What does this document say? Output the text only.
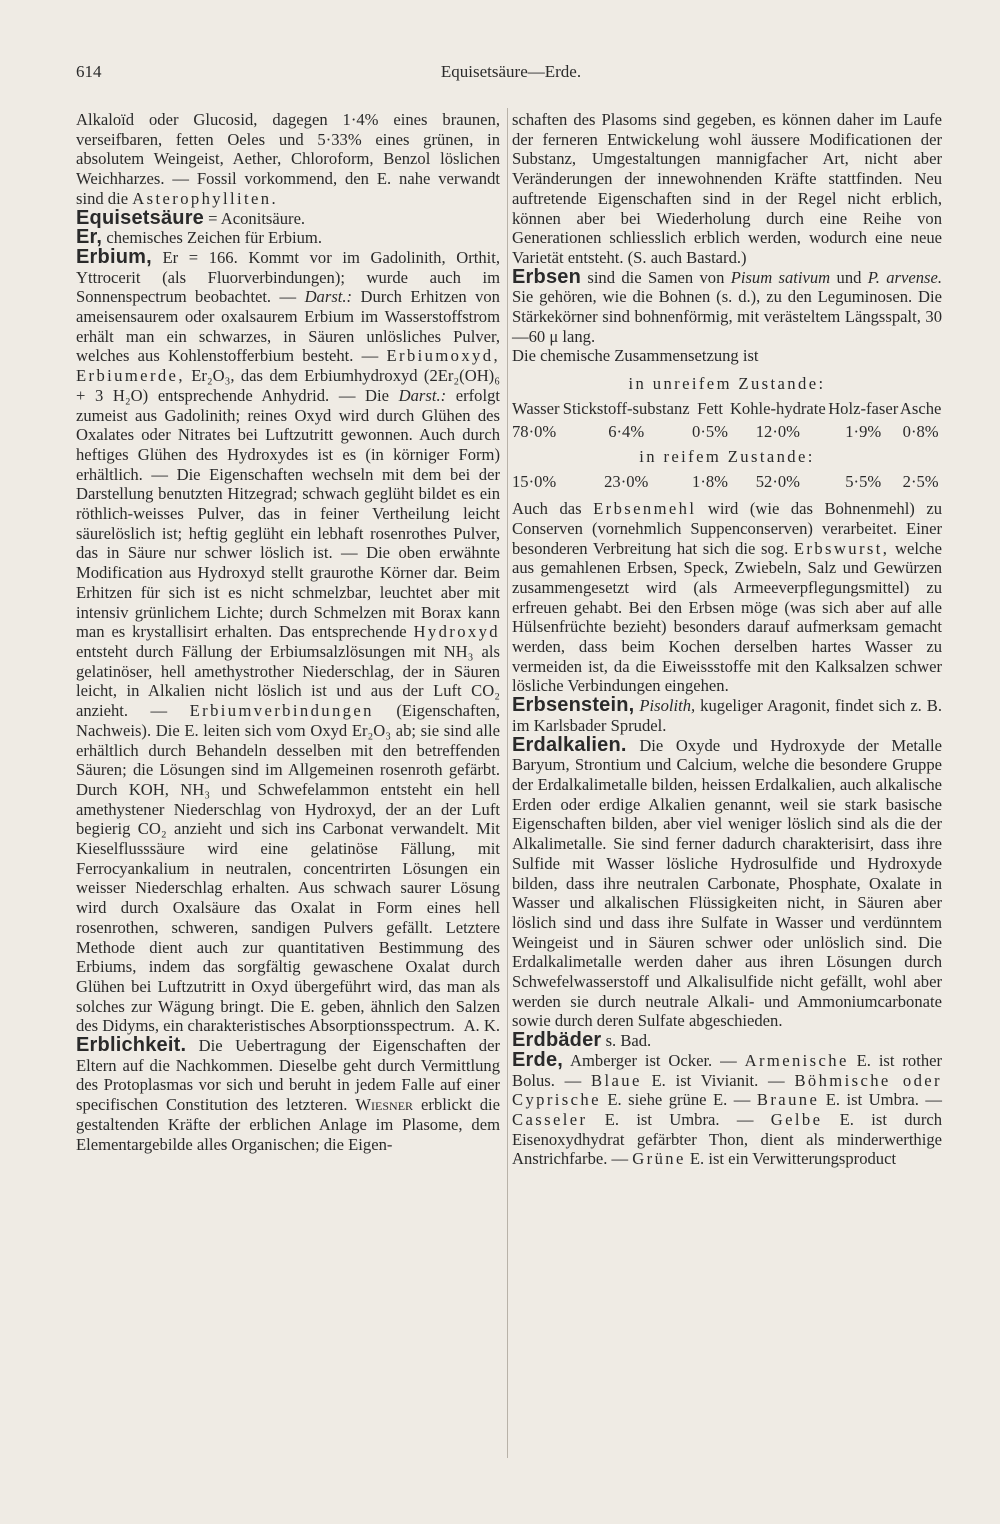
614	Equisetsäure—Erde.

Alkaloïd oder Glucosid, dagegen 1·4% eines braunen, verseifbaren, fetten Oeles und 5·33% eines grünen, in absolutem Weingeist, Aether, Chloroform, Benzol löslichen Weichharzes. — Fossil vorkommend, den E. nahe verwandt sind die Asterophylliten.

Equisetsäure = Aconitsäure.

Er, chemisches Zeichen für Erbium.

Erbium, Er = 166. Kommt vor im Gadolinith, Orthit, Yttrocerit (als Fluorverbindungen); wurde auch im Sonnenspectrum beobachtet. — Darst.: Durch Erhitzen von ameisensaurem oder oxalsaurem Erbium im Wasserstoffstrom erhält man ein schwarzes, in Säuren unlösliches Pulver, welches aus Kohlenstofferbium besteht. — Erbiumoxyd, Erbiumerde, Er₂O₃, das dem Erbiumhydroxyd (2Er₂(OH)₆ + 3 H₂O) entsprechende Anhydrid. — Die Darst.: erfolgt zumeist aus Gadolinith; reines Oxyd wird durch Glühen des Oxalates oder Nitrates bei Luftzutritt gewonnen. Auch durch heftiges Glühen des Hydroxydes ist es (in körniger Form) erhältlich. — Die Eigenschaften wechseln mit dem bei der Darstellung benutzten Hitzegrad; schwach geglüht bildet es ein röthlich-weisses Pulver, das in feiner Vertheilung leicht säurelöslich ist; heftig geglüht ein lebhaft rosenrothes Pulver, das in Säure nur schwer löslich ist. — Die oben erwähnte Modification aus Hydroxyd stellt graurothe Körner dar. Beim Erhitzen für sich ist es nicht schmelzbar, leuchtet aber mit intensiv grünlichem Lichte; durch Schmelzen mit Borax kann man es krystallisirt erhalten. Das entsprechende Hydroxyd entsteht durch Fällung der Erbiumsalzlösungen mit NH₃ als gelatinöser, hell amethystrother Niederschlag, der in Säuren leicht, in Alkalien nicht löslich ist und aus der Luft CO₂ anzieht. — Erbiumverbindungen (Eigenschaften, Nachweis). Die E. leiten sich vom Oxyd Er₂O₃ ab; sie sind alle erhältlich durch Behandeln desselben mit den betreffenden Säuren; die Lösungen sind im Allgemeinen rosenroth gefärbt. Durch KOH, NH₃ und Schwefelammon entsteht ein hell amethystener Niederschlag von Hydroxyd, der an der Luft begierig CO₂ anzieht und sich ins Carbonat verwandelt. Mit Kieselflusssäure wird eine gelatinöse Fällung, mit Ferrocyankalium in neutralen, concentrirten Lösungen ein weisser Niederschlag erhalten. Aus schwach saurer Lösung wird durch Oxalsäure das Oxalat in Form eines hell rosenrothen, schweren, sandigen Pulvers gefällt. Letztere Methode dient auch zur quantitativen Bestimmung des Erbiums, indem das sorgfältig gewaschene Oxalat durch Glühen bei Luftzutritt in Oxyd übergeführt wird, das man als solches zur Wägung bringt. Die E. geben, ähnlich den Salzen des Didyms, ein charakteristisches Absorptionsspectrum. A. K.

Erblichkeit. Die Uebertragung der Eigenschaften der Eltern auf die Nachkommen. Dieselbe geht durch Vermittlung des Protoplasmas vor sich und beruht in jedem Falle auf einer specifischen Constitution des letzteren. Wiesner erblickt die gestaltenden Kräfte der erblichen Anlage im Plasome, dem Elementargebilde alles Organischen; die Eigen-

schaften des Plasoms sind gegeben, es können daher im Laufe der ferneren Entwickelung wohl äussere Modificationen der Substanz, Umgestaltungen mannigfacher Art, nicht aber Veränderungen der innewohnenden Kräfte stattfinden. Neu auftretende Eigenschaften sind in der Regel nicht erblich, können aber bei Wiederholung durch eine Reihe von Generationen schliesslich erblich werden, wodurch eine neue Varietät entsteht. (S. auch Bastard.)

Erbsen sind die Samen von Pisum sativum und P. arvense. Sie gehören, wie die Bohnen (s. d.), zu den Leguminosen. Die Stärkekörner sind bohnenförmig, mit verästeltem Längsspalt, 30—60 μ lang.

Die chemische Zusammensetzung ist

in unreifem Zustande:					
Wasser	Stickstoff-substanz	Fett	Kohle-hydrate	Holz-faser	Asche
78·0%	6·4%	0·5%	12·0%	1·9%	0·8%
in reifem Zustande:					
15·0%	23·0%	1·8%	52·0%	5·5%	2·5%

Auch das Erbsenmehl wird (wie das Bohnenmehl) zu Conserven (vornehmlich Suppenconserven) verarbeitet. Einer besonderen Verbreitung hat sich die sog. Erbswurst, welche aus gemahlenen Erbsen, Speck, Zwiebeln, Salz und Gewürzen zusammengesetzt wird (als Armeeverpflegungsmittel) zu erfreuen gehabt. Bei den Erbsen möge (was sich aber auf alle Hülsenfrüchte bezieht) besonders darauf aufmerksam gemacht werden, dass beim Kochen derselben hartes Wasser zu vermeiden ist, da die Eiweissstoffe mit den Kalksalzen schwer lösliche Verbindungen eingehen.

Erbsenstein, Pisolith, kugeliger Aragonit, findet sich z. B. im Karlsbader Sprudel.

Erdalkalien. Die Oxyde und Hydroxyde der Metalle Baryum, Strontium und Calcium, welche die besondere Gruppe der Erdalkalimetalle bilden, heissen Erdalkalien, auch alkalische Erden oder erdige Alkalien genannt, weil sie stark basische Eigenschaften bilden, aber viel weniger löslich sind als die der Alkalimetalle. Sie sind ferner dadurch charakterisirt, dass ihre Sulfide mit Wasser lösliche Hydrosulfide und Hydroxyde bilden, dass ihre neutralen Carbonate, Phosphate, Oxalate in Wasser und alkalischen Flüssigkeiten nicht, in Säuren aber löslich sind und dass ihre Sulfate in Wasser und verdünntem Weingeist und in Säuren schwer oder unlöslich sind. Die Erdalkalimetalle werden daher aus ihren Lösungen durch Schwefelwasserstoff und Alkalisulfide nicht gefällt, wohl aber werden sie durch neutrale Alkali- und Ammoniumcarbonate sowie durch deren Sulfate abgeschieden.

Erdbäder s. Bad.

Erde, Amberger ist Ocker. — Armenische E. ist rother Bolus. — Blaue E. ist Vivianit. — Böhmische oder Cyprische E. siehe grüne E. — Braune E. ist Umbra. — Casseler E. ist Umbra. — Gelbe E. ist durch Eisenoxydhydrat gefärbter Thon, dient als minderwerthige Anstrichfarbe. — Grüne E. ist ein Verwitterungsproduct
